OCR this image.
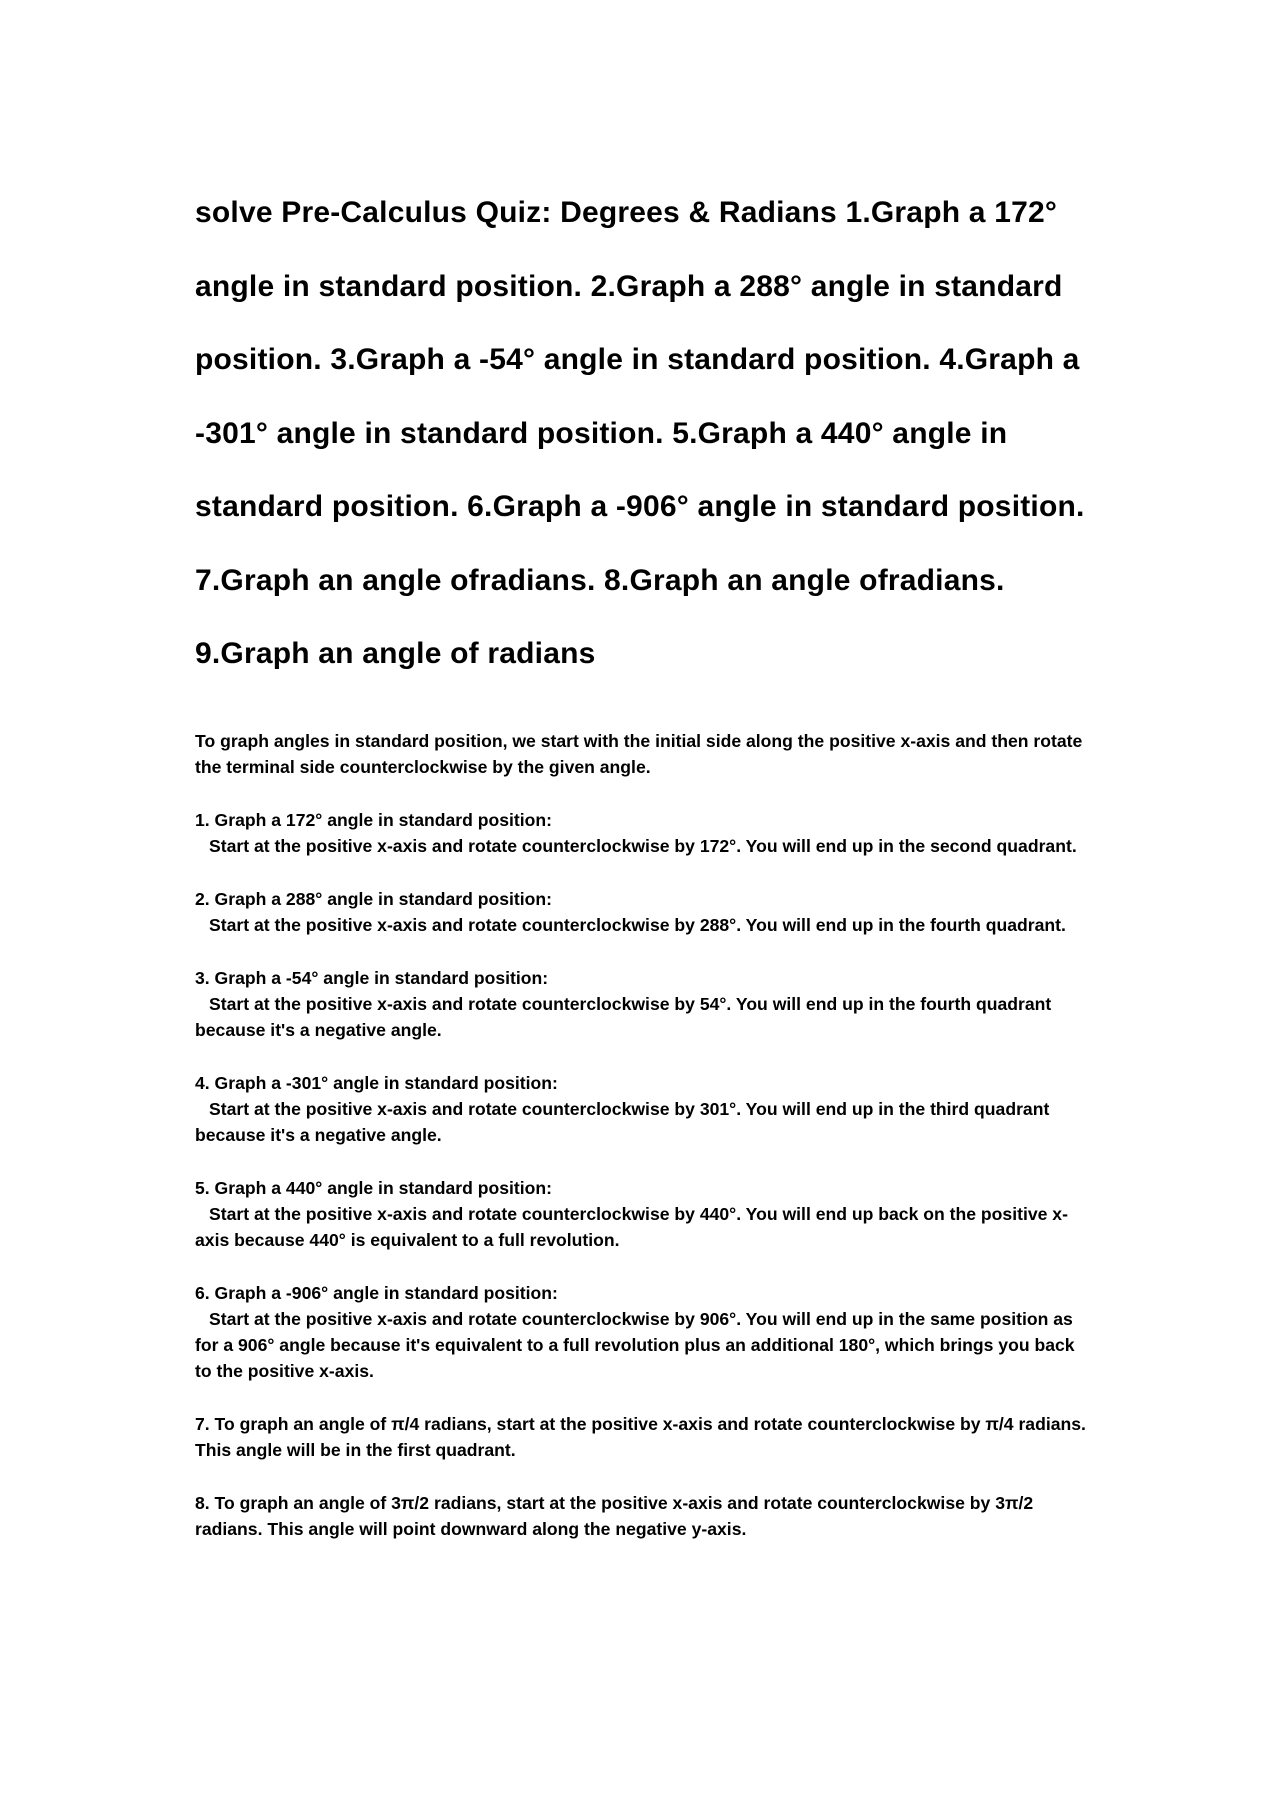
solve Pre-Calculus Quiz: Degrees & Radians 1.Graph a 172° angle in standard position. 2.Graph a 288° angle in standard position. 3.Graph a -54° angle in standard position. 4.Graph a -301° angle in standard position. 5.Graph a 440° angle in standard position. 6.Graph a -906° angle in standard position. 7.Graph an angle ofradians. 8.Graph an angle ofradians. 9.Graph an angle of radians

To graph angles in standard position, we start with the initial side along the positive x-axis and then rotate the terminal side counterclockwise by the given angle.

1. Graph a 172° angle in standard position:
Start at the positive x-axis and rotate counterclockwise by 172°. You will end up in the second quadrant.

2. Graph a 288° angle in standard position:
Start at the positive x-axis and rotate counterclockwise by 288°. You will end up in the fourth quadrant.

3. Graph a -54° angle in standard position:
Start at the positive x-axis and rotate counterclockwise by 54°. You will end up in the fourth quadrant because it's a negative angle.

4. Graph a -301° angle in standard position:
Start at the positive x-axis and rotate counterclockwise by 301°. You will end up in the third quadrant because it's a negative angle.

5. Graph a 440° angle in standard position:
Start at the positive x-axis and rotate counterclockwise by 440°. You will end up back on the positive x-axis because 440° is equivalent to a full revolution.

6. Graph a -906° angle in standard position:
Start at the positive x-axis and rotate counterclockwise by 906°. You will end up in the same position as for a 906° angle because it's equivalent to a full revolution plus an additional 180°, which brings you back to the positive x-axis.

7. To graph an angle of π/4 radians, start at the positive x-axis and rotate counterclockwise by π/4 radians. This angle will be in the first quadrant.

8. To graph an angle of 3π/2 radians, start at the positive x-axis and rotate counterclockwise by 3π/2 radians. This angle will point downward along the negative y-axis.
